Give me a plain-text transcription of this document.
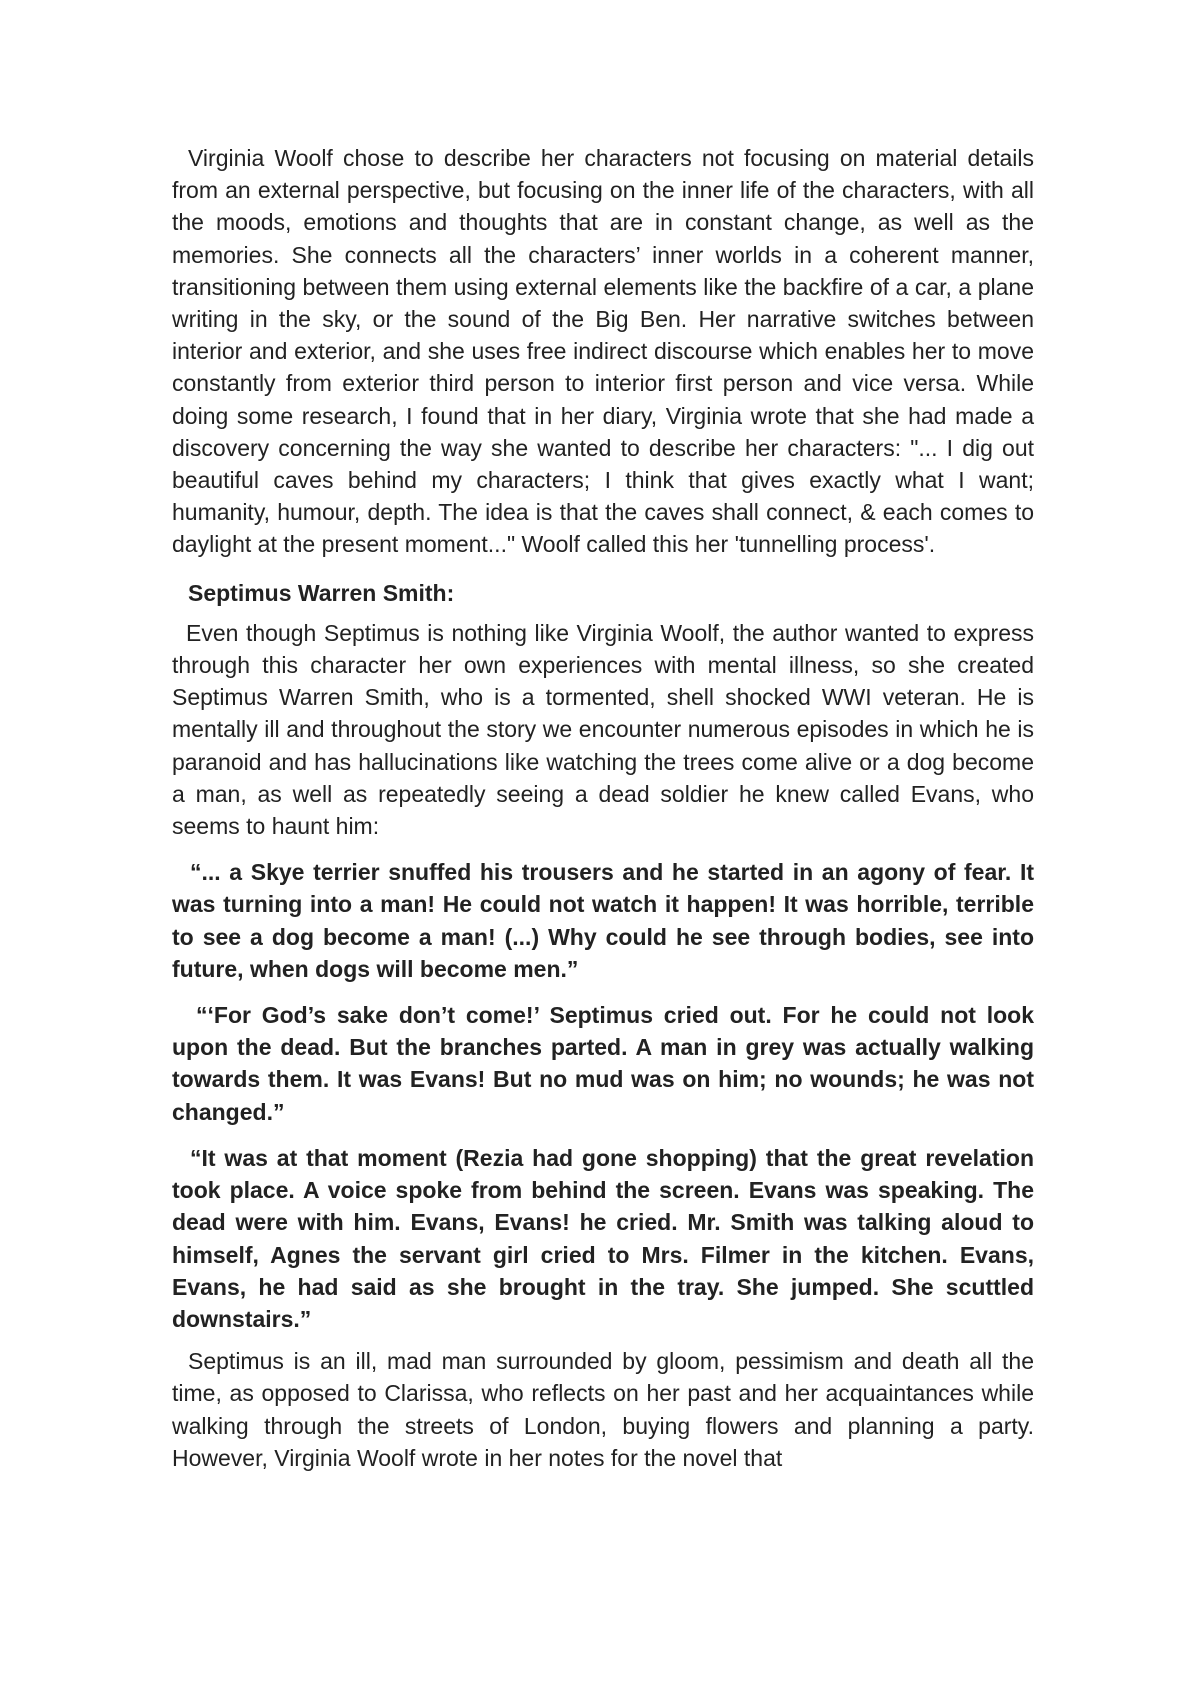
Virginia Woolf chose to describe her characters not focusing on material details from an external perspective, but focusing on the inner life of the characters, with all the moods, emotions and thoughts that are in constant change, as well as the memories. She connects all the characters’ inner worlds in a coherent manner, transitioning between them using external elements like the backfire of a car, a plane writing in the sky, or the sound of the Big Ben. Her narrative switches between interior and exterior, and she uses free indirect discourse which enables her to move constantly from exterior third person to interior first person and vice versa. While doing some research, I found that in her diary, Virginia wrote that she had made a discovery concerning the way she wanted to describe her characters: "... I dig out beautiful caves behind my characters; I think that gives exactly what I want; humanity, humour, depth. The idea is that the caves shall connect, & each comes to daylight at the present moment..." Woolf called this her 'tunnelling process'.

Septimus Warren Smith:

Even though Septimus is nothing like Virginia Woolf, the author wanted to express through this character her own experiences with mental illness, so she created Septimus Warren Smith, who is a tormented, shell shocked WWI veteran. He is mentally ill and throughout the story we encounter numerous episodes in which he is paranoid and has hallucinations like watching the trees come alive or a dog become a man, as well as repeatedly seeing a dead soldier he knew called Evans, who seems to haunt him:

“... a Skye terrier snuffed his trousers and he started in an agony of fear. It was turning into a man! He could not watch it happen! It was horrible, terrible to see a dog become a man! (...) Why could he see through bodies, see into future, when dogs will become men.”

“‘For God’s sake don’t come!’ Septimus cried out. For he could not look upon the dead. But the branches parted. A man in grey was actually walking towards them. It was Evans! But no mud was on him; no wounds; he was not changed.”

“It was at that moment (Rezia had gone shopping) that the great revelation took place. A voice spoke from behind the screen. Evans was speaking. The dead were with him. Evans, Evans! he cried. Mr. Smith was talking aloud to himself, Agnes the servant girl cried to Mrs. Filmer in the kitchen. Evans, Evans, he had said as she brought in the tray. She jumped. She scuttled downstairs.”

Septimus is an ill, mad man surrounded by gloom, pessimism and death all the time, as opposed to Clarissa, who reflects on her past and her acquaintances while walking through the streets of London, buying flowers and planning a party. However, Virginia Woolf wrote in her notes for the novel that
